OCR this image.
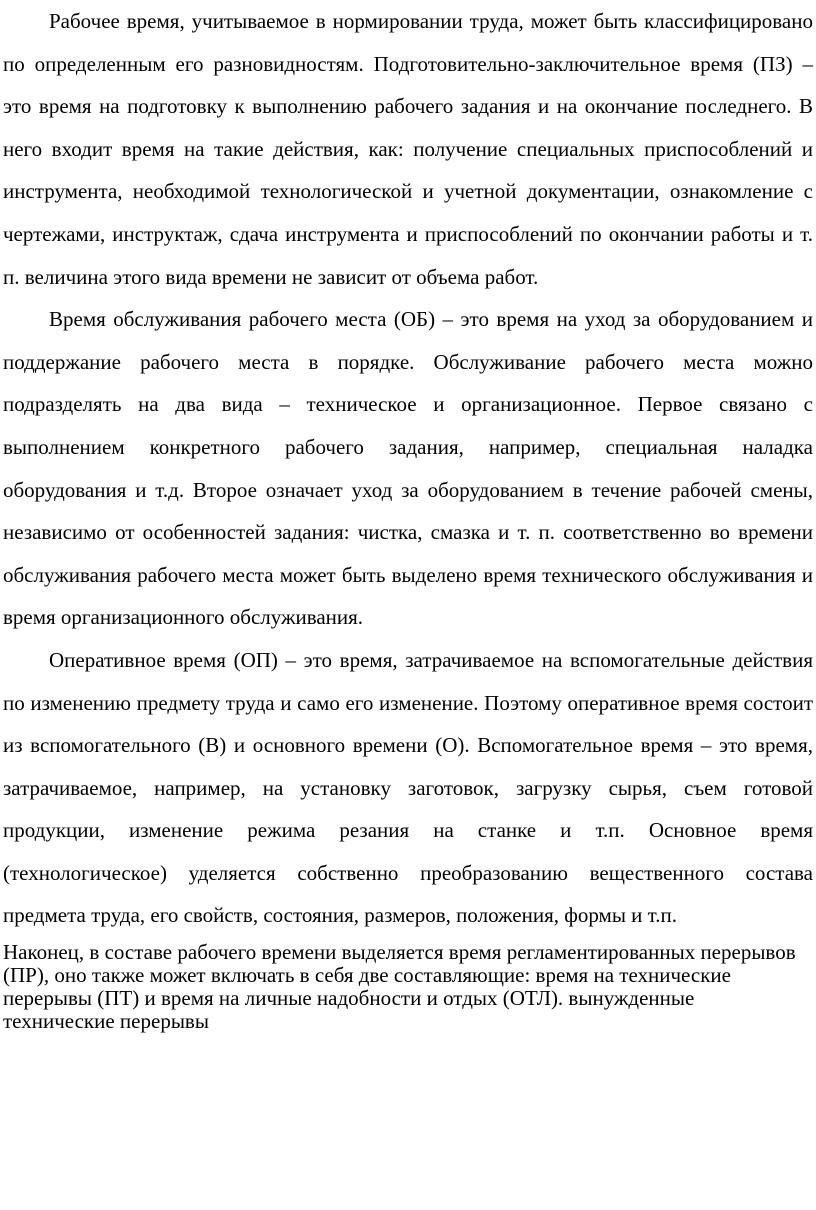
Рабочее время, учитываемое в нормировании труда, может быть классифицировано по определенным его разновидностям. Подготовительно-заключительное время (ПЗ) – это время на подготовку к выполнению рабочего задания и на окончание последнего. В него входит время на такие действия, как: получение специальных приспособлений и инструмента, необходимой технологической и учетной документации, ознакомление с чертежами, инструктаж, сдача инструмента и приспособлений по окончании работы и т. п. величина этого вида времени не зависит от объема работ.

Время обслуживания рабочего места (ОБ) – это время на уход за оборудованием и поддержание рабочего места в порядке. Обслуживание рабочего места можно подразделять на два вида – техническое и организационное. Первое связано с выполнением конкретного рабочего задания, например, специальная наладка оборудования и т.д. Второе означает уход за оборудованием в течение рабочей смены, независимо от особенностей задания: чистка, смазка и т. п. соответственно во времени обслуживания рабочего места может быть выделено время технического обслуживания и время организационного обслуживания.

Оперативное время (ОП) – это время, затрачиваемое на вспомогательные действия по изменению предмету труда и само его изменение. Поэтому оперативное время состоит из вспомогательного (В) и основного времени (О). Вспомогательное время – это время, затрачиваемое, например, на установку заготовок, загрузку сырья, съем готовой продукции, изменение режима резания на станке и т.п. Основное время (технологическое) уделяется собственно преобразованию вещественного состава предмета труда, его свойств, состояния, размеров, положения, формы и т.п.

Наконец, в составе рабочего времени выделяется время регламентированных перерывов (ПР), оно также может включать в себя две составляющие: время на технические перерывы (ПТ) и время на личные надобности и отдых (ОТЛ). вынужденные технические перерывы
